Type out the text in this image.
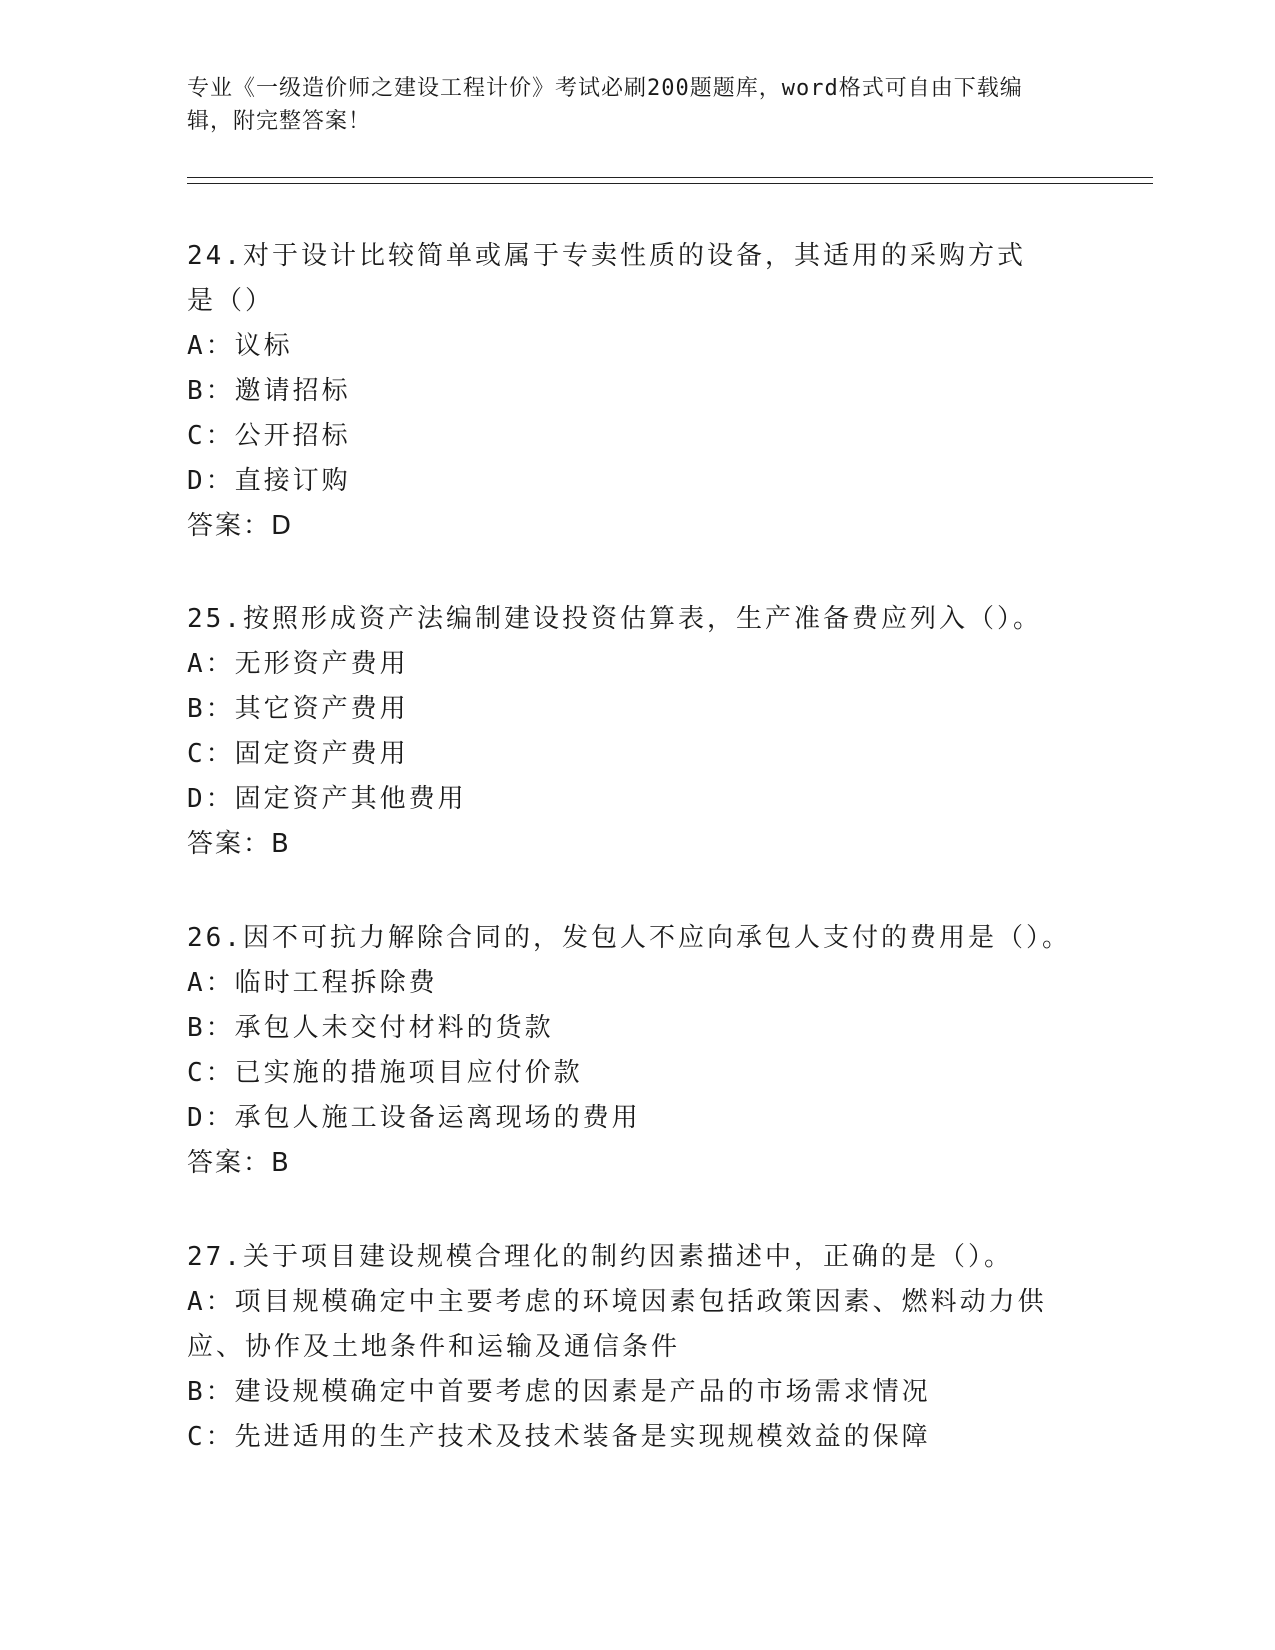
专业《一级造价师之建设工程计价》考试必刷200题题库，word格式可自由下载编辑，附完整答案！

24.对于设计比较简单或属于专卖性质的设备，其适用的采购方式是（）

A：议标

B：邀请招标

C：公开招标

D：直接订购

答案：D

25.按照形成资产法编制建设投资估算表，生产准备费应列入（）。

A：无形资产费用

B：其它资产费用

C：固定资产费用

D：固定资产其他费用

答案：B

26.因不可抗力解除合同的，发包人不应向承包人支付的费用是（）。

A：临时工程拆除费

B：承包人未交付材料的货款

C：已实施的措施项目应付价款

D：承包人施工设备运离现场的费用

答案：B

27.关于项目建设规模合理化的制约因素描述中，正确的是（）。

A：项目规模确定中主要考虑的环境因素包括政策因素、燃料动力供应、协作及土地条件和运输及通信条件

B：建设规模确定中首要考虑的因素是产品的市场需求情况

C：先进适用的生产技术及技术装备是实现规模效益的保障
